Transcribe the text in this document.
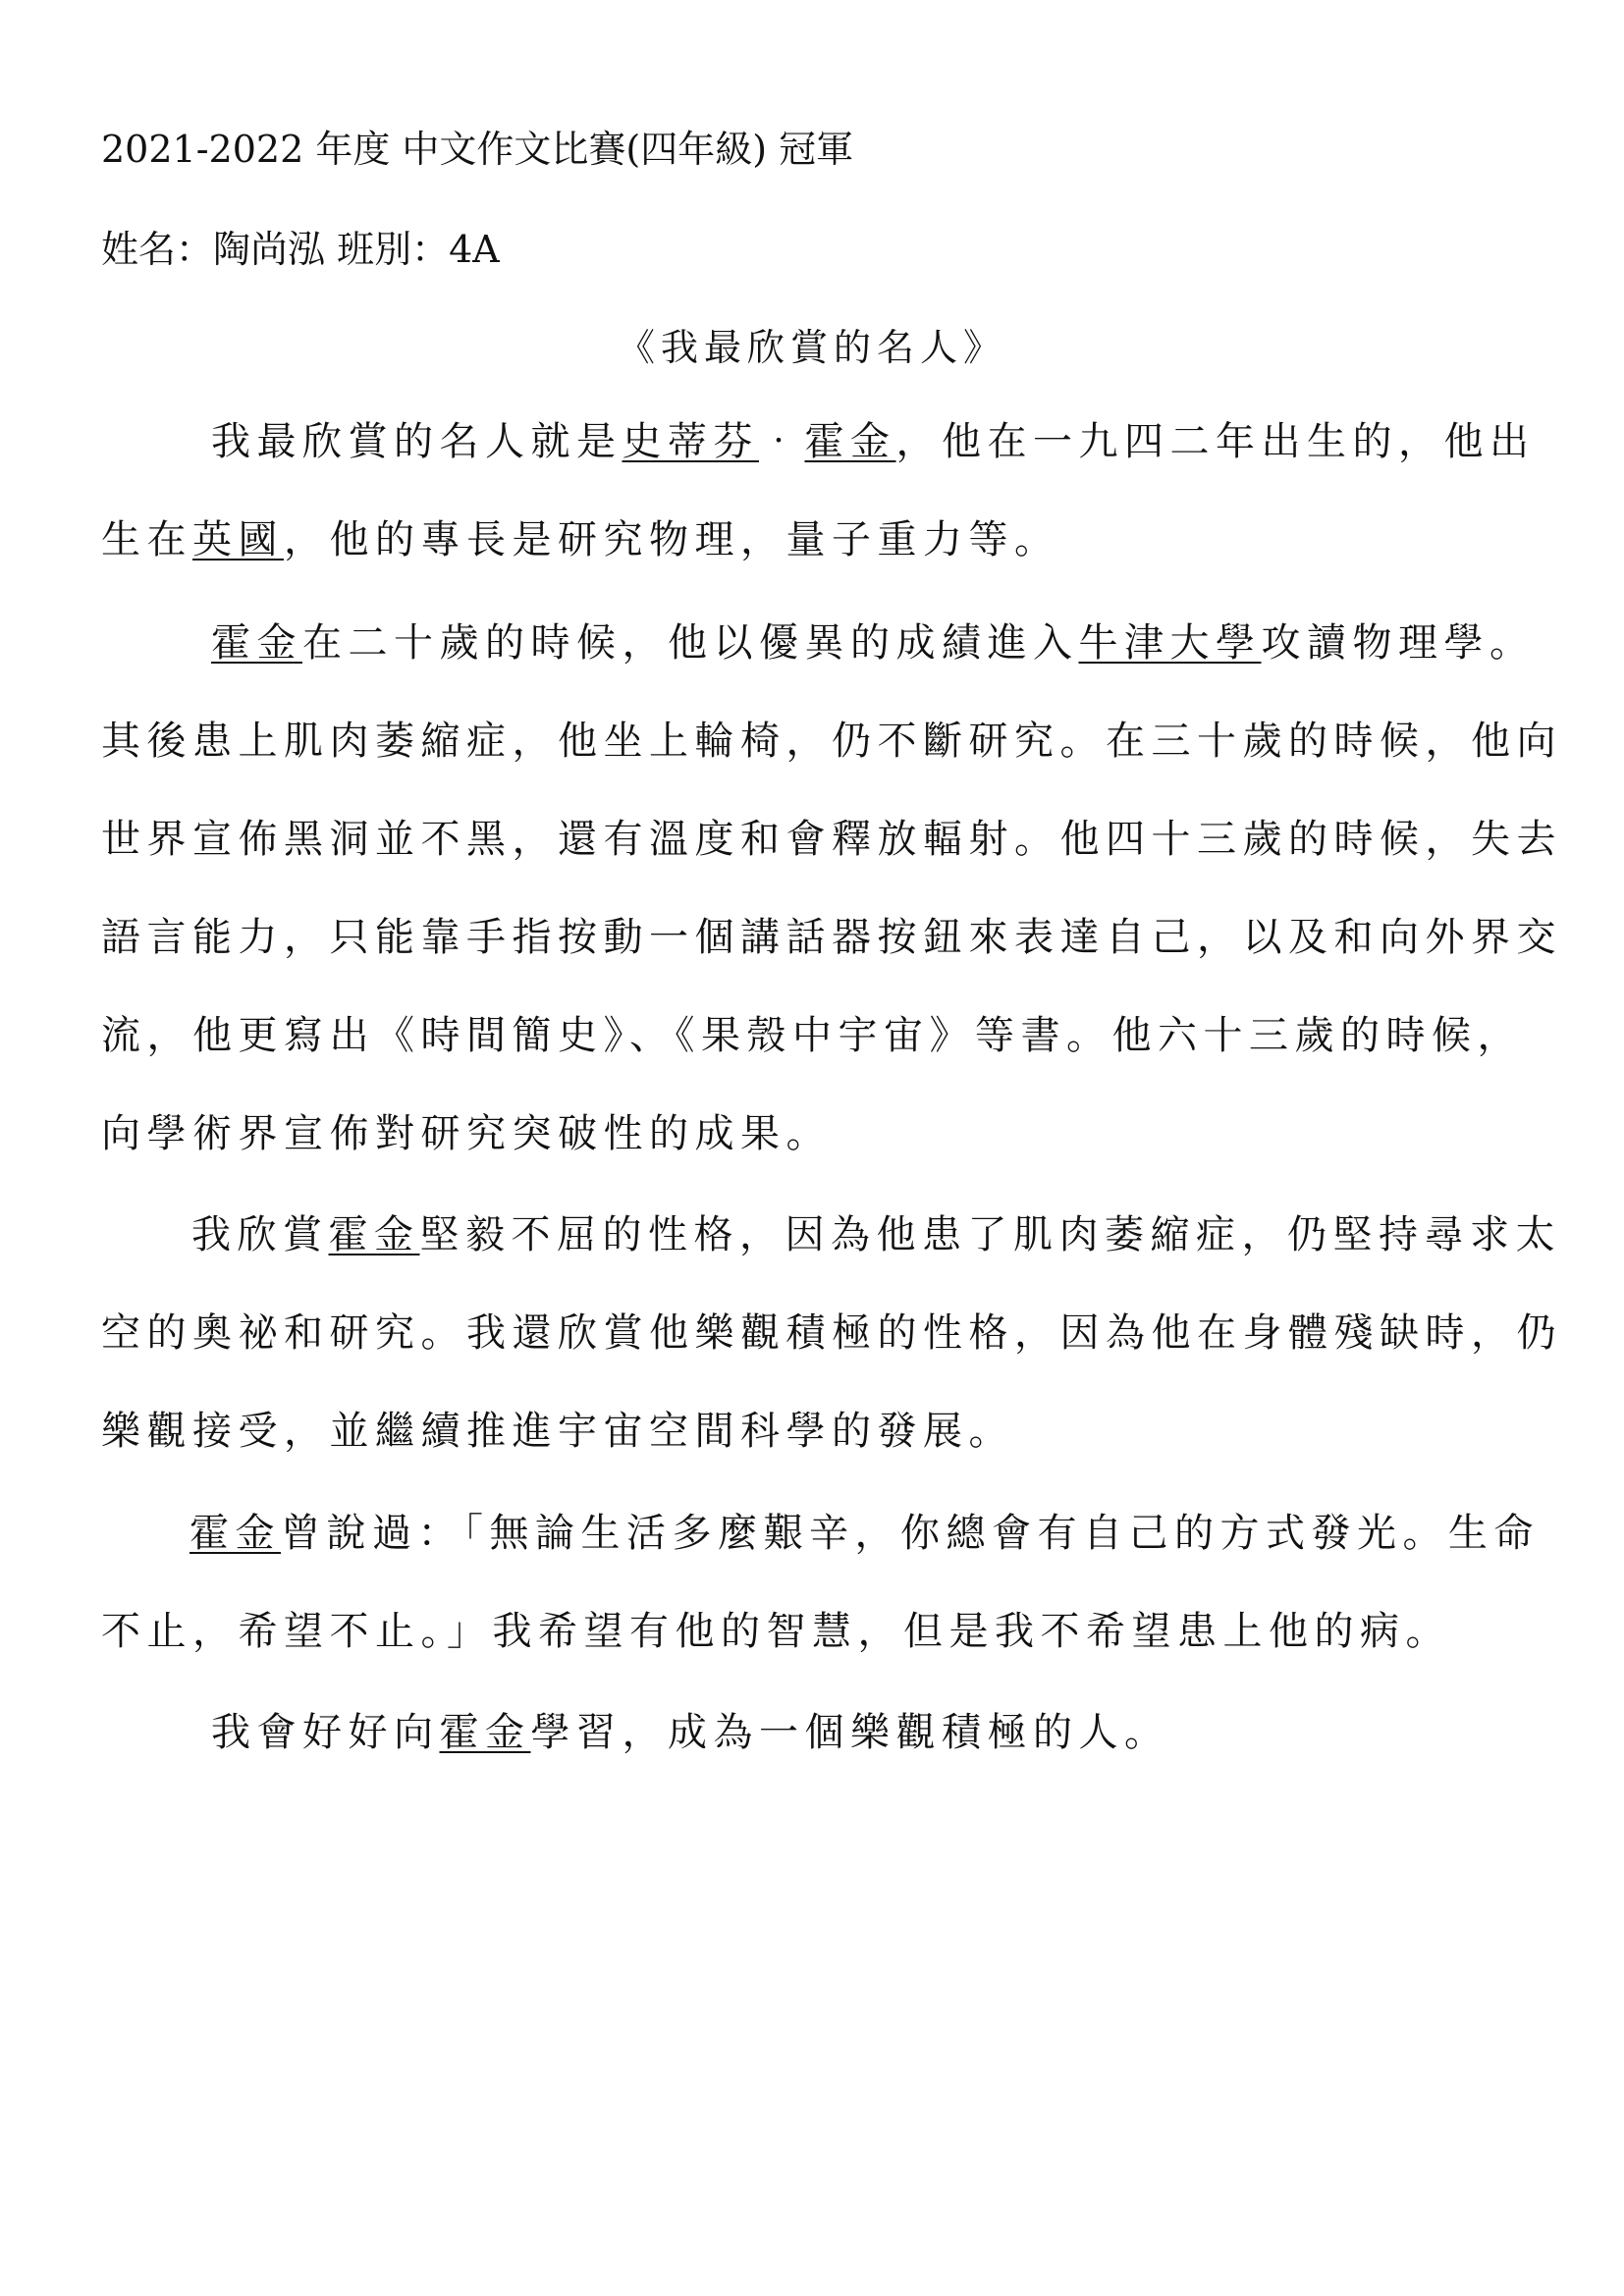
2021-2022 年度 中文作文比賽(四年級) 冠軍
姓名：陶尚泓 班別：4A
《我最欣賞的名人》
我最欣賞的名人就是史蒂芬‧霍金，他在一九四二年出生的，他出
生在英國，他的專長是研究物理，量子重力等。
霍金在二十歲的時候，他以優異的成績進入牛津大學攻讀物理學。
其後患上肌肉萎縮症，他坐上輪椅，仍不斷研究。在三十歲的時候，他向
世界宣佈黑洞並不黑，還有溫度和會釋放輻射。他四十三歲的時候，失去
語言能力，只能靠手指按動一個講話器按鈕來表達自己，以及和向外界交
流，他更寫出《時間簡史》、《果殼中宇宙》等書。他六十三歲的時候，
向學術界宣佈對研究突破性的成果。
我欣賞霍金堅毅不屈的性格，因為他患了肌肉萎縮症，仍堅持尋求太
空的奧祕和研究。我還欣賞他樂觀積極的性格，因為他在身體殘缺時，仍
樂觀接受，並繼續推進宇宙空間科學的發展。
霍金曾說過：「無論生活多麼艱辛，你總會有自己的方式發光。生命
不止，希望不止。」我希望有他的智慧，但是我不希望患上他的病。
我會好好向霍金學習，成為一個樂觀積極的人。
